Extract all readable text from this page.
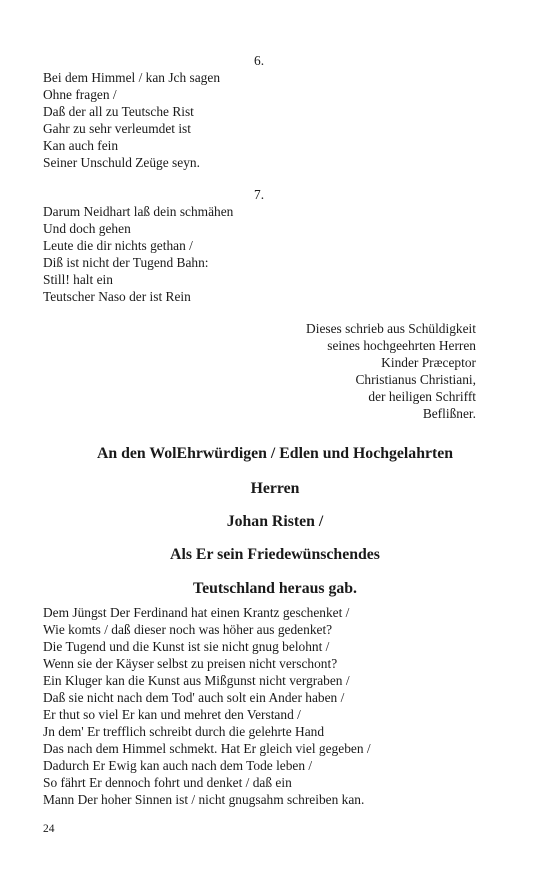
6.
Bei dem Himmel / kan Jch sagen
Ohne fragen /
Daß der all zu Teutsche Rist
Gahr zu sehr verleumdet ist
Kan auch fein
Seiner Unschuld Zeüge seyn.
7.
Darum Neidhart laß dein schmähen
Und doch gehen
Leute die dir nichts gethan /
Diß ist nicht der Tugend Bahn:
Still! halt ein
Teutscher Naso der ist Rein
Dieses schrieb aus Schüldigkeit
seines hochgeehrten Herren
Kinder Præceptor
Christianus Christiani,
der heiligen Schrifft
Beflißner.
An den WolEhrwürdigen / Edlen und Hochgelahrten
Herren
Johan Risten /
Als Er sein Friedewünschendes
Teutschland heraus gab.
Dem Jüngst Der Ferdinand hat einen Krantz geschenket /
Wie komts / daß dieser noch was höher aus gedenket?
Die Tugend und die Kunst ist sie nicht gnug belohnt /
Wenn sie der Käyser selbst zu preisen nicht verschont?
Ein Kluger kan die Kunst aus Mißgunst nicht vergraben /
Daß sie nicht nach dem Tod' auch solt ein Ander haben /
Er thut so viel Er kan und mehret den Verstand /
Jn dem' Er trefflich schreibt durch die gelehrte Hand
Das nach dem Himmel schmekt. Hat Er gleich viel gegeben /
Dadurch Er Ewig kan auch nach dem Tode leben /
So fährt Er dennoch fohrt und denket / daß ein
Mann Der hoher Sinnen ist / nicht gnugsahm schreiben kan.
24
